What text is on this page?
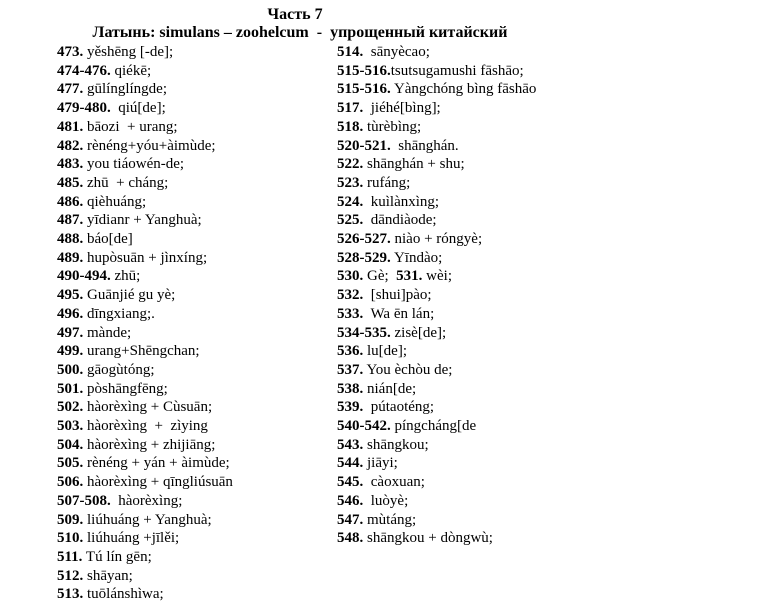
Часть 7
Латынь: simulans – zoohelcum  -  упрощенный китайский
473. yěshēng [-de];
474-476. qiékē;
477. gūlínglíngde;
479-480.  qiú[de];
481. bāozi  + urang;
482. rènéng+yóu+àimùde;
483. you tiáowén-de;
485. zhū  + cháng;
486. qièhuáng;
487. yīdianr + Yanghuà;
488. báo[de]
489. hupòsuān + jìnxíng;
490-494. zhū;
495. Guānjié gu yè;
496. dīngxiang;.
497. mànde;
499. urang+Shēngchan;
500. gāogùtóng;
501. pòshāngfēng;
502. hàorèxìng + Cùsuān;
503. hàorèxìng  +  zìying
504. hàorèxìng + zhijiāng;
505. rènéng + yán + àimùde;
506. hàorèxìng + qīngliúsuān
507-508.  hàorèxìng;
509. liúhuáng + Yanghuà;
510. liúhuáng +jīlěi;
511. Tú lín gēn;
512. shāyan;
513. tuōlánshìwa;
514.  sānyècao;
515-516.tsutsugamushi fāshāo;
515-516. Yàngchóng bìng fāshāo
517.  jiéhé[bìng];
518. tùrèbìng;
520-521.  shānghán.
522. shānghán + shu;
523. rufáng;
524.  kuìlànxìng;
525.  dāndiàode;
526-527. niào + róngyè;
528-529. Yīndào;
530. Gè;  531. wèi;
532.  [shui]pào;
533.  Wa ēn lán;
534-535. zisè[de];
536. lu[de];
537. You èchòu de;
538. nián[de;
539.  pútaoténg;
540-542. píngcháng[de
543. shāngkou;
544. jiāyi;
545.  càoxuan;
546.  luòyè;
547. mùtáng;
548. shāngkou + dòngwù;
